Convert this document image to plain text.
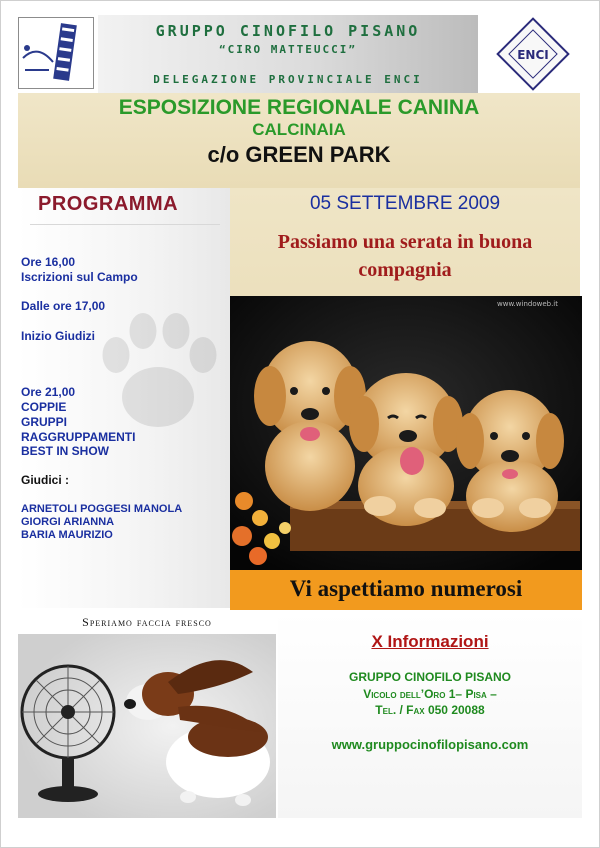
GRUPPO CINOFILO PISANO
“CIRO MATTEUCCI”
DELEGAZIONE PROVINCIALE ENCI
ENCI
ESPOSIZIONE REGIONALE CANINA
CALCINAIA
c/o GREEN PARK
PROGRAMMA
Ore 16,00
Iscrizioni sul Campo
Dalle ore 17,00
Inizio Giudizi
Ore 21,00
COPPIE
GRUPPI
RAGGRUPPAMENTI
BEST IN SHOW
Giudici :
ARNETOLI POGGESI MANOLA
GIORGI ARIANNA
BARIA MAURIZIO
05 SETTEMBRE 2009
Passiamo una serata in buona
compagnia
www.windoweb.it
Vi aspettiamo numerosi
Speriamo faccia fresco
X Informazioni
GRUPPO CINOFILO PISANO
Vicolo dell’Oro 1– Pisa –
Tel. / Fax 050 20088
www.gruppocinofilopisano.com
